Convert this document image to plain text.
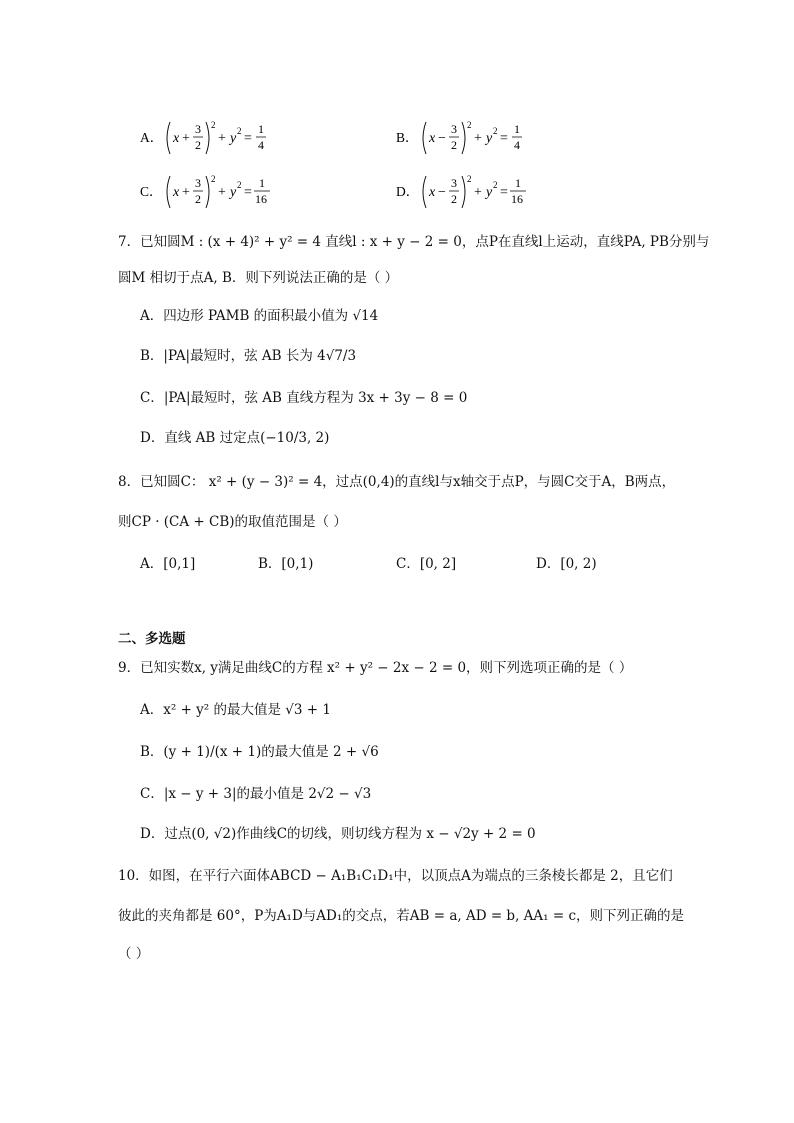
A． x +
3
2
2
+ y 2 =
1
4	B． x −
3
2
2
+ y 2 =
1
4
C． x +
3
2
2
+ y 2 =
1
16	D． x −
3
2
2
+ y 2 =
1
16
7．已知圆M : (x + 4)² + y² = 4 直线l : x + y − 2 = 0，点P在直线l上运动，直线PA, PB分别与
圆M 相切于点A, B．则下列说法正确的是（ ）
A．四边形 PAMB 的面积最小值为 √14
B．|PA|最短时，弦 AB 长为 4√7/3
C．|PA|最短时，弦 AB 直线方程为 3x + 3y − 8 = 0
D．直线 AB 过定点(−10/3, 2)
8．已知圆C： x² + (y − 3)² = 4，过点(0,4)的直线l与x轴交于点P，与圆C交于A，B两点，
则CP · (CA + CB)的取值范围是（ ）
A．[0,1]	B．[0,1)	C．[0, 2]	D．[0, 2)
二、多选题
9．已知实数x, y满足曲线C的方程 x² + y² − 2x − 2 = 0，则下列选项正确的是（ ）
A．x² + y² 的最大值是 √3 + 1
B．(y + 1)/(x + 1)的最大值是 2 + √6
C．|x − y + 3|的最小值是 2√2 − √3
D．过点(0, √2)作曲线C的切线，则切线方程为 x − √2y + 2 = 0
10．如图，在平行六面体ABCD − A₁B₁C₁D₁中，以顶点A为端点的三条棱长都是 2，且它们
彼此的夹角都是 60°，P为A₁D与AD₁的交点，若AB = a, AD = b, AA₁ = c，则下列正确的是
（ ）
